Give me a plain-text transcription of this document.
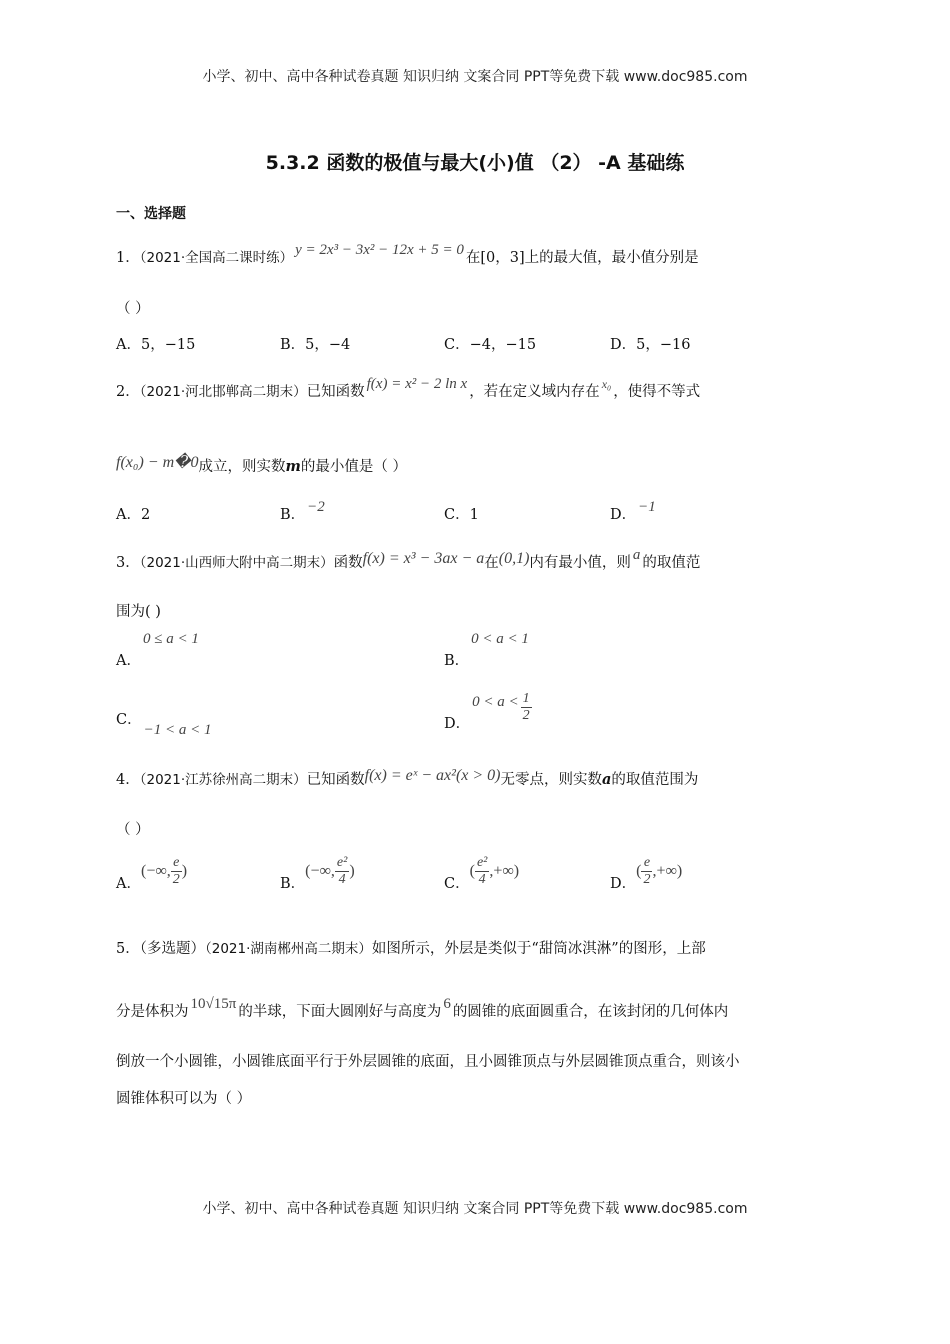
小学、初中、高中各种试卷真题 知识归纳 文案合同 PPT等免费下载 www.doc985.com
5.3.2 函数的极值与最大(小)值 （2） -A 基础练
一、选择题
1．（2021·全国高二课时练） y = 2x³ − 3x² − 12x + 5 = 0 在[0，3]上的最大值，最小值分别是
（ ）
A．5，−15	B．5，−4	C．−4，−15	D．5，−16
2．（2021·河北邯郸高二期末）已知函数 f(x) = x² − 2 ln x ，若在定义域内存在 $^{x_0}$ ，使得不等式
f(x₀) − m�0成立，则实数m的最小值是（ ）
A．2	B． −2	C．1	D． −1
3．（2021·山西师大附中高二期末）函数f(x) = x³ − 3ax − a在(0,1)内有最小值，则 a 的取值范
围为( )
A．0 ≤ a < 1
B．0 < a < 1
C．−1 < a < 1	D．$0 < a < \frac{1}{2}$
4．（2021·江苏徐州高二期末）已知函数f(x) = eˣ − ax²(x > 0)无零点，则实数a的取值范围为
（ ）
A．(−∞, $\frac{e}{2}$ )
B．(−∞, $\frac{\text{e²}}{4}$ )
C．( $\frac{\text{e²}}{4}$ ,+∞)
D．( $\frac{e}{2}$ ,+∞)
5．（多选题）（2021·湖南郴州高二期末）如图所示，外层是类似于“甜筒冰淇淋”的图形，上部
分是体积为 10√15π 的半球，下面大圆刚好与高度为 6 的圆锥的底面圆重合，在该封闭的几何体内
倒放一个小圆锥，小圆锥底面平行于外层圆锥的底面，且小圆锥顶点与外层圆锥顶点重合，则该小
圆锥体积可以为（ ）
小学、初中、高中各种试卷真题 知识归纳 文案合同 PPT等免费下载 www.doc985.com
